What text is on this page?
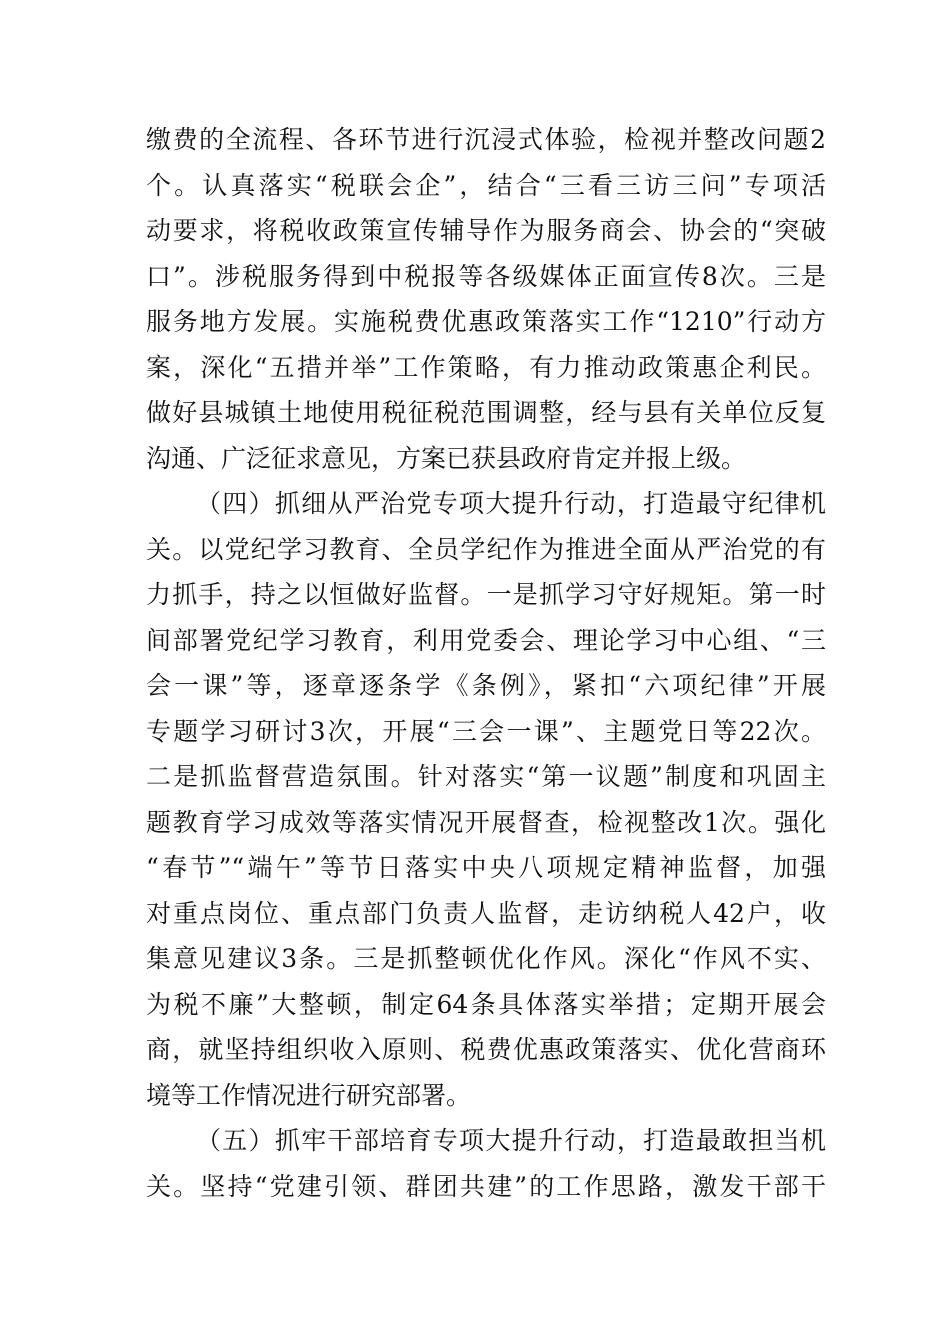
缴费的全流程、各环节进行沉浸式体验，检视并整改问题2
个。认真落实“税联会企”，结合“三看三访三问”专项活
动要求，将税收政策宣传辅导作为服务商会、协会的“突破
口”。涉税服务得到中税报等各级媒体正面宣传8次。三是
服务地方发展。实施税费优惠政策落实工作“1210”行动方
案，深化“五措并举”工作策略，有力推动政策惠企利民。
做好县城镇土地使用税征税范围调整，经与县有关单位反复
沟通、广泛征求意见，方案已获县政府肯定并报上级。
（四）抓细从严治党专项大提升行动，打造最守纪律机
关。以党纪学习教育、全员学纪作为推进全面从严治党的有
力抓手，持之以恒做好监督。一是抓学习守好规矩。第一时
间部署党纪学习教育，利用党委会、理论学习中心组、“三
会一课”等，逐章逐条学《条例》，紧扣“六项纪律”开展
专题学习研讨3次，开展“三会一课”、主题党日等22次。
二是抓监督营造氛围。针对落实“第一议题”制度和巩固主
题教育学习成效等落实情况开展督查，检视整改1次。强化
“春节”“端午”等节日落实中央八项规定精神监督，加强
对重点岗位、重点部门负责人监督，走访纳税人42户，收
集意见建议3条。三是抓整顿优化作风。深化“作风不实、
为税不廉”大整顿，制定64条具体落实举措；定期开展会
商，就坚持组织收入原则、税费优惠政策落实、优化营商环
境等工作情况进行研究部署。
（五）抓牢干部培育专项大提升行动，打造最敢担当机
关。坚持“党建引领、群团共建”的工作思路，激发干部干
